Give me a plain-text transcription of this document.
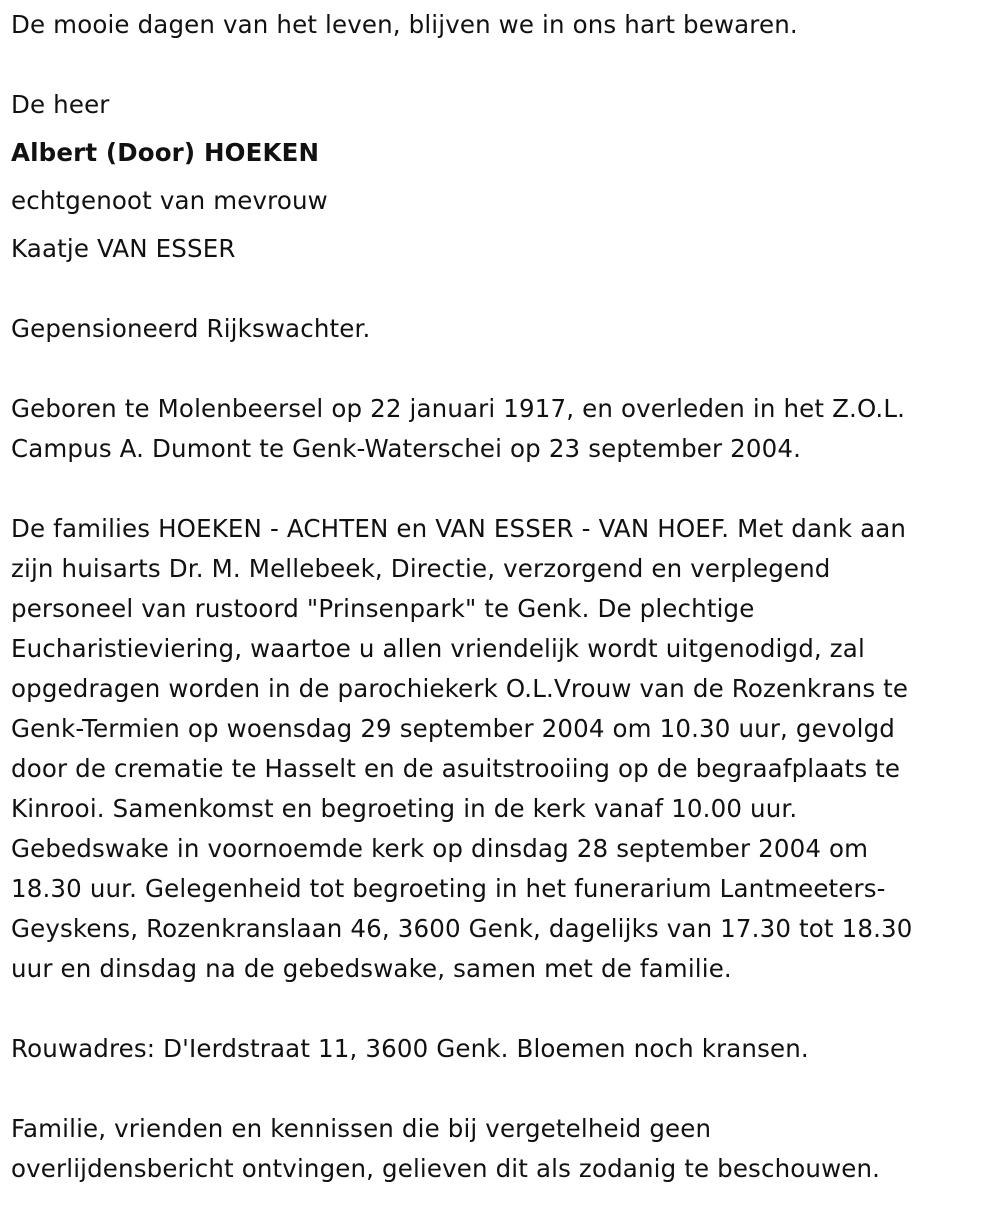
De mooie dagen van het leven, blijven we in ons hart bewaren.
De heer
Albert (Door) HOEKEN
echtgenoot van mevrouw
Kaatje VAN ESSER
Gepensioneerd Rijkswachter.
Geboren te Molenbeersel op 22 januari 1917, en overleden in het Z.O.L.
Campus A. Dumont te Genk-Waterschei op 23 september 2004.
De families HOEKEN - ACHTEN en VAN ESSER - VAN HOEF. Met dank aan
zijn huisarts Dr. M. Mellebeek, Directie, verzorgend en verplegend
personeel van rustoord "Prinsenpark" te Genk. De plechtige
Eucharistieviering, waartoe u allen vriendelijk wordt uitgenodigd, zal
opgedragen worden in de parochiekerk O.L.Vrouw van de Rozenkrans te
Genk-Termien op woensdag 29 september 2004 om 10.30 uur, gevolgd
door de crematie te Hasselt en de asuitstrooiing op de begraafplaats te
Kinrooi. Samenkomst en begroeting in de kerk vanaf 10.00 uur.
Gebedswake in voornoemde kerk op dinsdag 28 september 2004 om
18.30 uur. Gelegenheid tot begroeting in het funerarium Lantmeeters-
Geyskens, Rozenkranslaan 46, 3600 Genk, dagelijks van 17.30 tot 18.30
uur en dinsdag na de gebedswake, samen met de familie.
Rouwadres: D'Ierdstraat 11, 3600 Genk. Bloemen noch kransen.
Familie, vrienden en kennissen die bij vergetelheid geen
overlijdensbericht ontvingen, gelieven dit als zodanig te beschouwen.
